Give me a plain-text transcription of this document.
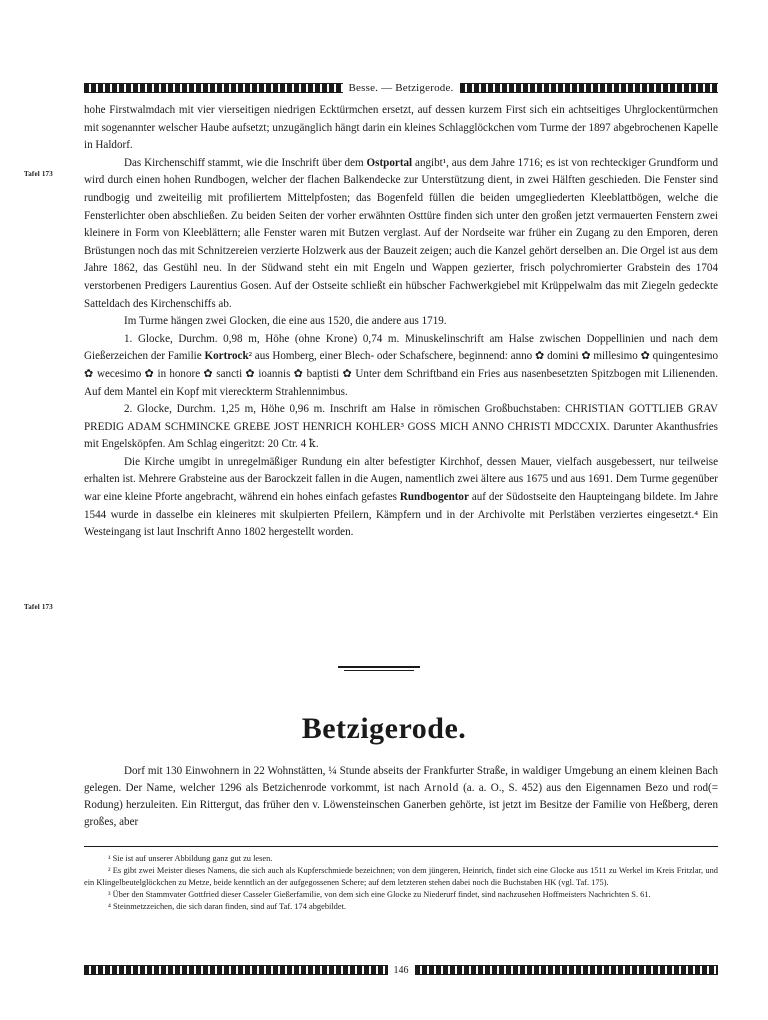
Besse. — Betzigerode.
Tafel 173
Tafel 173

hohe Firstwalmdach mit vier vierseitigen niedrigen Ecktürmchen ersetzt, auf dessen kurzem First sich ein achtseitiges Uhrglockentürmchen mit sogenannter welscher Haube aufsetzt; unzugänglich hängt darin ein kleines Schlagglöckchen vom Turme der 1897 abgebrochenen Kapelle in Haldorf.

Das Kirchenschiff stammt, wie die Inschrift über dem Ostportal angibt¹, aus dem Jahre 1716; es ist von rechteckiger Grundform und wird durch einen hohen Rundbogen, welcher der flachen Balkendecke zur Unterstützung dient, in zwei Hälften geschieden. Die Fenster sind rundbogig und zweiteilig mit profiliertem Mittelpfosten; das Bogenfeld füllen die beiden umgegliederten Kleeblattbögen, welche die Fensterlichter oben abschließen. Zu beiden Seiten der vorher erwähnten Osttüre finden sich unter den großen jetzt vermauerten Fenstern zwei kleinere in Form von Kleeblättern; alle Fenster waren mit Butzen verglast. Auf der Nordseite war früher ein Zugang zu den Emporen, deren Brüstungen noch das mit Schnitzereien verzierte Holzwerk aus der Bauzeit zeigen; auch die Kanzel gehört derselben an. Die Orgel ist aus dem Jahre 1862, das Gestühl neu. In der Südwand steht ein mit Engeln und Wappen gezierter, frisch polychromierter Grabstein des 1704 verstorbenen Predigers Laurentius Gosen. Auf der Ostseite schließt ein hübscher Fachwerkgiebel mit Krüppelwalm das mit Ziegeln gedeckte Satteldach des Kirchenschiffs ab.

Im Turme hängen zwei Glocken, die eine aus 1520, die andere aus 1719.

1. Glocke, Durchm. 0,98 m, Höhe (ohne Krone) 0,74 m. Minuskelinschrift am Halse zwischen Doppellinien und nach dem Gießerzeichen der Familie Kortrock² aus Homberg, einer Blech- oder Schafschere, beginnend: anno ✿ domini ✿ millesimo ✿ quingentesimo ✿ wecesimo ✿ in honore ✿ sancti ✿ ioannis ✿ baptisti ✿ Unter dem Schriftband ein Fries aus nasenbesetzten Spitzbogen mit Lilienenden. Auf dem Mantel ein Kopf mit viereckterm Strahlennimbus.

2. Glocke, Durchm. 1,25 m, Höhe 0,96 m. Inschrift am Halse in römischen Großbuchstaben: CHRISTIAN GOTTLIEB GRAV PREDIG ADAM SCHMINCKE GREBE JOST HENRICH KOHLER³ GOSS MICH ANNO CHRISTI MDCCXIX. Darunter Akanthusfries mit Engelsköpfen. Am Schlag eingeritzt: 20 Ctr. 4 ꝁ.

Die Kirche umgibt in unregelmäßiger Rundung ein alter befestigter Kirchhof, dessen Mauer, vielfach ausgebessert, nur teilweise erhalten ist. Mehrere Grabsteine aus der Barockzeit fallen in die Augen, namentlich zwei ältere aus 1675 und aus 1691. Dem Turme gegenüber war eine kleine Pforte angebracht, während ein hohes einfach gefastes Rundbogentor auf der Südostseite den Haupteingang bildete. Im Jahre 1544 wurde in dasselbe ein kleineres mit skulpierten Pfeilern, Kämpfern und in der Archivolte mit Perlstäben verziertes eingesetzt.⁴ Ein Westeingang ist laut Inschrift Anno 1802 hergestellt worden.

Betzigerode.

Dorf mit 130 Einwohnern in 22 Wohnstätten, ¼ Stunde abseits der Frankfurter Straße, in waldiger Umgebung an einem kleinen Bach gelegen. Der Name, welcher 1296 als Betzichenrode vorkommt, ist nach Arnold (a. a. O., S. 452) aus den Eigennamen Bezo und rod(= Rodung) herzuleiten. Ein Rittergut, das früher den v. Löwensteinschen Ganerben gehörte, ist jetzt im Besitze der Familie von Heßberg, deren großes, aber

¹ Sie ist auf unserer Abbildung ganz gut zu lesen.

² Es gibt zwei Meister dieses Namens, die sich auch als Kupferschmiede bezeichnen; von dem jüngeren, Heinrich, findet sich eine Glocke aus 1511 zu Werkel im Kreis Fritzlar, und ein Klingelbeutelglöckchen zu Metze, beide kenntlich an der aufgegossenen Schere; auf dem letzteren stehen dabei noch die Buchstaben HK (vgl. Taf. 175).

³ Über den Stammvater Gottfried dieser Casseler Gießerfamilie, von dem sich eine Glocke zu Niederurf findet, sind nachzusehen Hoffmeisters Nachrichten S. 61.

⁴ Steinmetzzeichen, die sich daran finden, sind auf Taf. 174 abgebildet.

146
